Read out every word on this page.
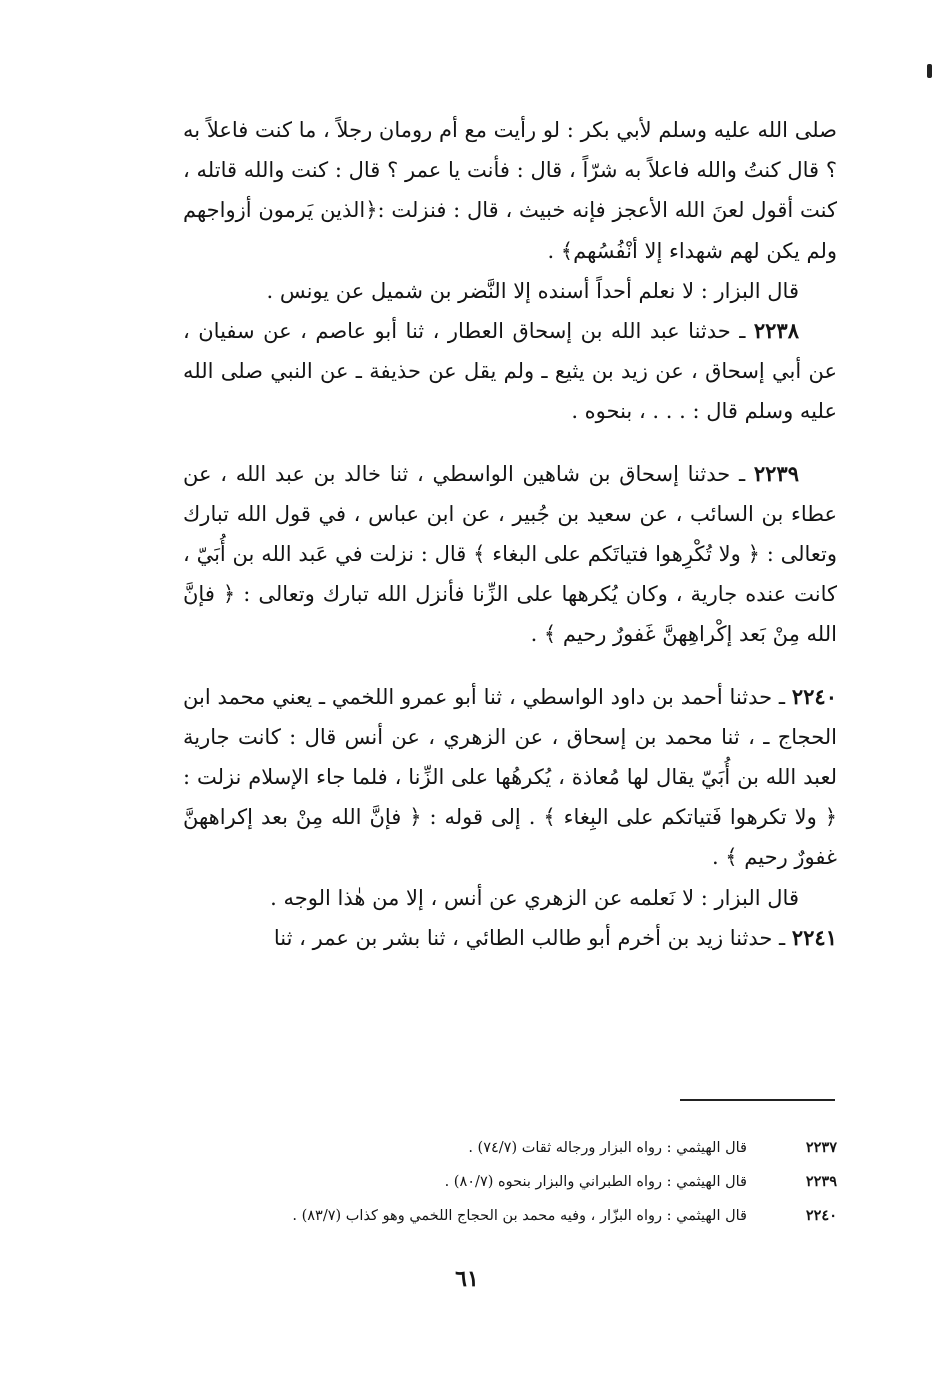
صلى الله عليه وسلم لأبي بكر : لو رأيت مع أم رومان رجلاً ، ما كنت فاعلاً به ؟ قال كنتُ والله فاعلاً به شرّاً ، قال : فأنت يا عمر ؟ قال : كنت والله قاتله ، كنت أقول لعنَ الله الأعجز فإنه خبيث ، قال : فنزلت :﴿الذين يَرمون أزواجهم ولم يكن لهم شهداء إلا أنْفُسُهم﴾ .

قال البزار : لا نعلم أحداً أسنده إلا النَّضر بن شميل عن يونس .

٢٢٣٨ ـ حدثنا عبد الله بن إسحاق العطار ، ثنا أبو عاصم ، عن سفيان ، عن أبي إسحاق ، عن زيد بن يثيع ـ ولم يقل عن حذيفة ـ عن النبي صلى الله عليه وسلم قال : . . . ، بنحوه .

٢٢٣٩ ـ حدثنا إسحاق بن شاهين الواسطي ، ثنا خالد بن عبد الله ، عن عطاء بن السائب ، عن سعيد بن جُبير ، عن ابن عباس ، في قول الله تبارك وتعالى : ﴿ ولا تُكْرِهوا فتياتَكم على البغاء ﴾ قال : نزلت في عَبد الله بن أُبَيّ ، كانت عنده جارية ، وكان يُكرهها على الزِّنا فأنزل الله تبارك وتعالى : ﴿ فإنَّ الله مِنْ بَعد إكْراهِهنَّ غَفورٌ رحيم ﴾ .

٢٢٤٠ ـ حدثنا أحمد بن داود الواسطي ، ثنا أبو عمرو اللخمي ـ يعني محمد ابن الحجاج ـ ، ثنا محمد بن إسحاق ، عن الزهري ، عن أنس قال : كانت جارية لعبد الله بن أُبَيّ يقال لها مُعاذة ، يُكرهُها على الزِّنا ، فلما جاء الإسلام نزلت : ﴿ ولا تكرهوا فَتياتكم على البِغاء ﴾ . إلى قوله : ﴿ فإنَّ الله مِنْ بعد إكراههنَّ غفورٌ رحيم ﴾ .

قال البزار : لا نَعلمه عن الزهري عن أنس ، إلا من هٰذا الوجه .

٢٢٤١ ـ حدثنا زيد بن أخرم أبو طالب الطائي ، ثنا بشر بن عمر ، ثنا

٢٢٣٧
قال الهيثمي : رواه البزار ورجاله ثقات (٧٤/٧) .
٢٢٣٩
قال الهيثمي : رواه الطبراني والبزار بنحوه (٨٠/٧) .
٢٢٤٠
قال الهيثمي : رواه البزّار ، وفيه محمد بن الحجاج اللخمي وهو كذاب (٨٣/٧) .
٦١
